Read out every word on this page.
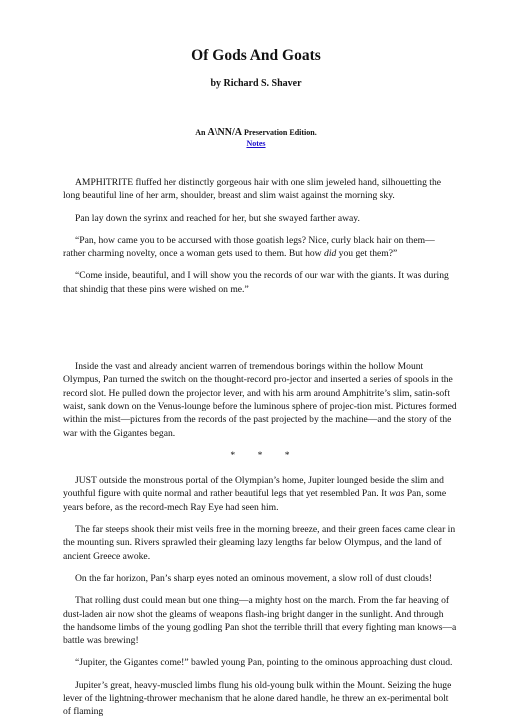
Of Gods And Goats
by Richard S. Shaver
An A\NN/A Preservation Edition.
Notes

AMPHITRITE fluffed her distinctly gorgeous hair with one slim jeweled hand, silhouetting the long beautiful line of her arm, shoulder, breast and slim waist against the morning sky.

Pan lay down the syrinx and reached for her, but she swayed farther away.

“Pan, how came you to be accursed with those goatish legs? Nice, curly black hair on them—rather charming novelty, once a woman gets used to them. But how did you get them?”

“Come inside, beautiful, and I will show you the records of our war with the giants. It was during that shindig that these pins were wished on me.”

Inside the vast and already ancient warren of tremendous borings within the hollow Mount Olympus, Pan turned the switch on the thought-record pro-jector and inserted a series of spools in the record slot. He pulled down the projector lever, and with his arm around Amphitrite’s slim, satin-soft waist, sank down on the Venus-lounge before the luminous sphere of projec-tion mist. Pictures formed within the mist—pictures from the records of the past projected by the machine—and the story of the war with the Gigantes began.

* * *

JUST outside the monstrous portal of the Olympian’s home, Jupiter lounged beside the slim and youthful figure with quite normal and rather beautiful legs that yet resembled Pan. It was Pan, some years before, as the record-mech Ray Eye had seen him.

The far steeps shook their mist veils free in the morning breeze, and their green faces came clear in the mounting sun. Rivers sprawled their gleaming lazy lengths far below Olympus, and the land of ancient Greece awoke.

On the far horizon, Pan’s sharp eyes noted an ominous movement, a slow roll of dust clouds!

That rolling dust could mean but one thing—a mighty host on the march. From the far heaving of dust-laden air now shot the gleams of weapons flash-ing bright danger in the sunlight. And through the handsome limbs of the young godling Pan shot the terrible thrill that every fighting man knows—a battle was brewing!

“Jupiter, the Gigantes come!” bawled young Pan, pointing to the ominous approaching dust cloud.

Jupiter’s great, heavy-muscled limbs flung his old-young bulk within the Mount. Seizing the huge lever of the lightning-thrower mechanism that he alone dared handle, he threw an ex-perimental bolt of flaming
